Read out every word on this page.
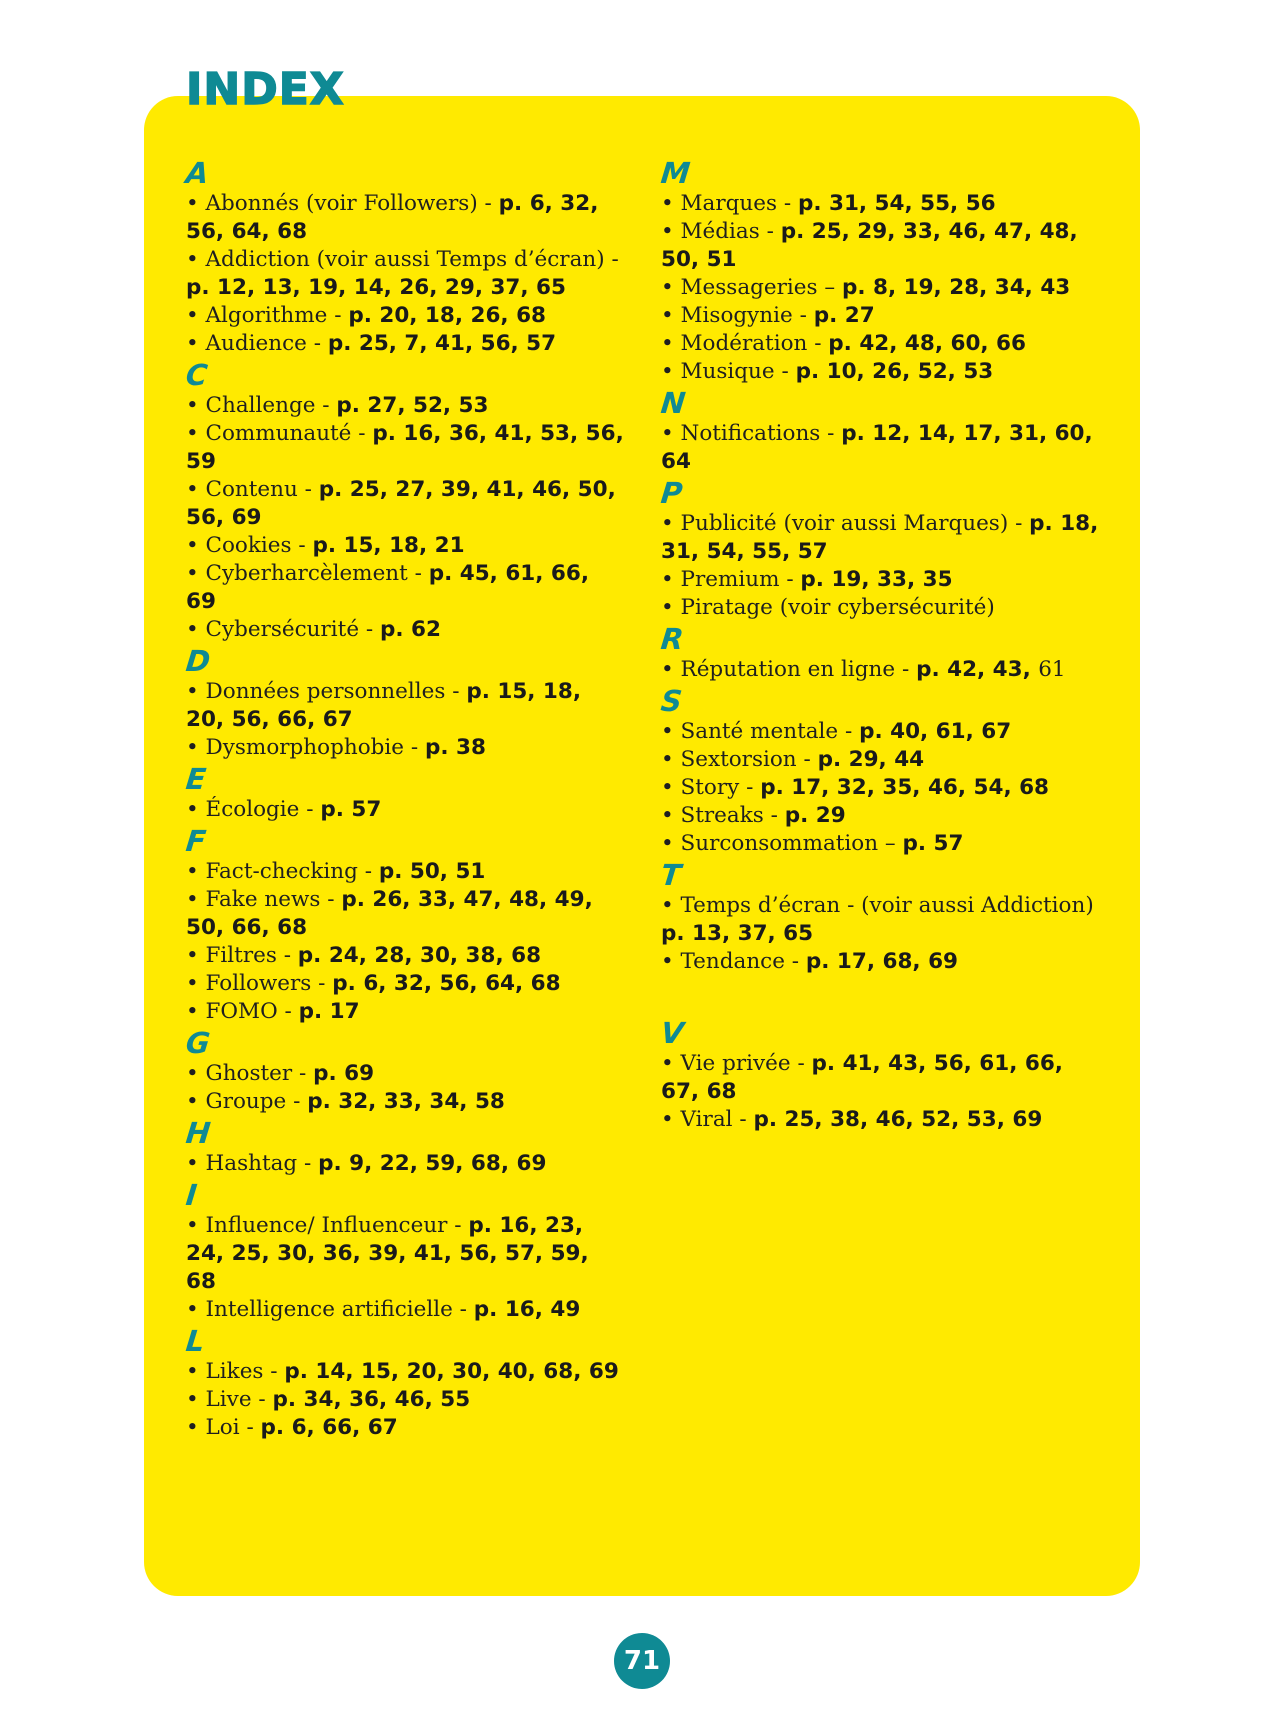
INDEX
A
• Abonnés (voir Followers) - p. 6, 32, 56, 64, 68
• Addiction (voir aussi Temps d’écran) - p. 12, 13, 19, 14, 26, 29, 37, 65
• Algorithme - p. 20, 18, 26, 68
• Audience - p. 25, 7, 41, 56, 57
C
• Challenge - p. 27, 52, 53
• Communauté - p. 16, 36, 41, 53, 56, 59
• Contenu - p. 25, 27, 39, 41, 46, 50, 56, 69
• Cookies - p. 15, 18, 21
• Cyberharcèlement - p. 45, 61, 66, 69
• Cybersécurité - p. 62
D
• Données personnelles - p. 15, 18, 20, 56, 66, 67
• Dysmorphophobie - p. 38
E
• Écologie - p. 57
F
• Fact-checking - p. 50, 51
• Fake news - p. 26, 33, 47, 48, 49, 50, 66, 68
• Filtres - p. 24, 28, 30, 38, 68
• Followers - p. 6, 32, 56, 64, 68
• FOMO - p. 17
G
• Ghoster - p. 69
• Groupe - p. 32, 33, 34, 58
H
• Hashtag - p. 9, 22, 59, 68, 69
I
• Influence/ Influenceur - p. 16, 23, 24, 25, 30, 36, 39, 41, 56, 57, 59, 68
• Intelligence artificielle - p. 16, 49
L
• Likes - p. 14, 15, 20, 30, 40, 68, 69
• Live - p. 34, 36, 46, 55
• Loi - p. 6, 66, 67
M
• Marques - p. 31, 54, 55, 56
• Médias - p. 25, 29, 33, 46, 47, 48, 50, 51
• Messageries – p. 8, 19, 28, 34, 43
• Misogynie - p. 27
• Modération - p. 42, 48, 60, 66
• Musique - p. 10, 26, 52, 53
N
• Notifications - p. 12, 14, 17, 31, 60, 64
P
• Publicité (voir aussi Marques) - p. 18, 31, 54, 55, 57
• Premium - p. 19, 33, 35
• Piratage (voir cybersécurité)
R
• Réputation en ligne - p. 42, 43, 61
S
• Santé mentale - p. 40, 61, 67
• Sextorsion - p. 29, 44
• Story - p. 17, 32, 35, 46, 54, 68
• Streaks - p. 29
• Surconsommation – p. 57
T
• Temps d’écran - (voir aussi Addiction) p. 13, 37, 65
• Tendance - p. 17, 68, 69
V
• Vie privée - p. 41, 43, 56, 61, 66, 67, 68
• Viral - p. 25, 38, 46, 52, 53, 69
71
